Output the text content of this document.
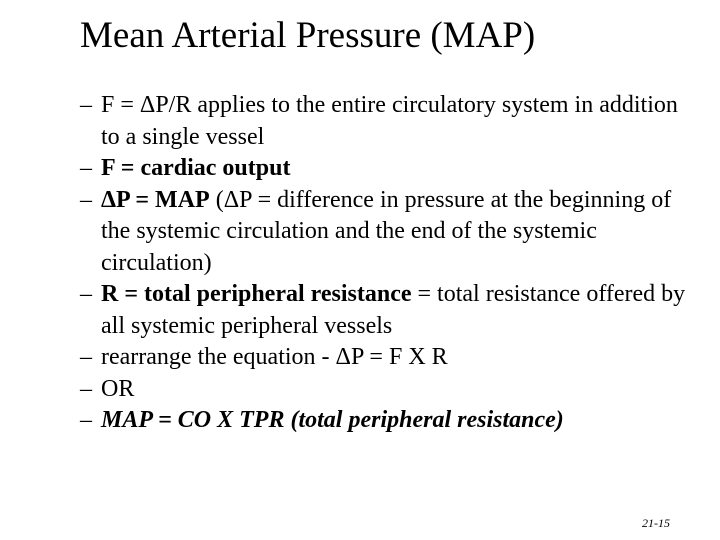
Mean Arterial Pressure (MAP)
– F = ΔP/R applies to the entire circulatory system in addition to a single vessel
– F = cardiac output
– ΔP = MAP (ΔP = difference in pressure at the beginning of the systemic circulation and the end of the systemic circulation)
– R = total peripheral resistance = total resistance offered by all systemic peripheral vessels
– rearrange the equation - ΔP = F X R
– OR
– MAP = CO X TPR (total peripheral resistance)
21-15
